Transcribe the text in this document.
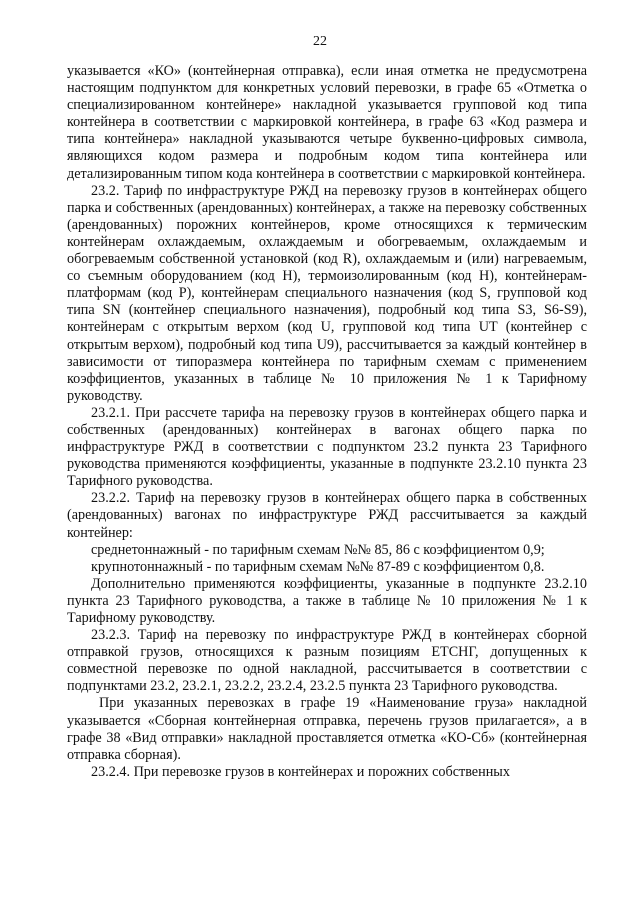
22

указывается «КО» (контейнерная отправка), если иная отметка не предусмотрена настоящим подпунктом для конкретных условий перевозки, в графе 65 «Отметка о специализированном контейнере» накладной указывается групповой код типа контейнера в соответствии с маркировкой контейнера, в графе 63 «Код размера и типа контейнера» накладной указываются четыре буквенно-цифровых символа, являющихся кодом размера и подробным кодом типа контейнера или детализированным типом кода контейнера в соответствии с маркировкой контейнера.

23.2. Тариф по инфраструктуре РЖД на перевозку грузов в контейнерах общего парка и собственных (арендованных) контейнерах, а также на перевозку собственных (арендованных) порожних контейнеров, кроме относящихся к термическим контейнерам охлаждаемым, охлаждаемым и обогреваемым, охлаждаемым и обогреваемым собственной установкой (код R), охлаждаемым и (или) нагреваемым, со съемным оборудованием (код H), термоизолированным (код H), контейнерам-платформам (код P), контейнерам специального назначения (код S, групповой код типа SN (контейнер специального назначения), подробный код типа S3, S6-S9), контейнерам с открытым верхом (код U, групповой код типа UT (контейнер с открытым верхом), подробный код типа U9), рассчитывается за каждый контейнер в зависимости от типоразмера контейнера по тарифным схемам с применением коэффициентов, указанных в таблице № 10 приложения № 1 к Тарифному руководству.

23.2.1. При рассчете тарифа на перевозку грузов в контейнерах общего парка и собственных (арендованных) контейнерах в вагонах общего парка по инфраструктуре РЖД в соответствии с подпунктом 23.2 пункта 23 Тарифного руководства применяются коэффициенты, указанные в подпункте 23.2.10 пункта 23 Тарифного руководства.

23.2.2. Тариф на перевозку грузов в контейнерах общего парка в собственных (арендованных) вагонах по инфраструктуре РЖД рассчитывается за каждый контейнер:

среднетоннажный - по тарифным схемам №№ 85, 86 с коэффициентом 0,9;

крупнотоннажный - по тарифным схемам №№ 87-89 с коэффициентом 0,8.

Дополнительно применяются коэффициенты, указанные в подпункте 23.2.10 пункта 23 Тарифного руководства, а также в таблице № 10 приложения № 1 к Тарифному руководству.

23.2.3. Тариф на перевозку по инфраструктуре РЖД в контейнерах сборной отправкой грузов, относящихся к разным позициям ЕТСНГ, допущенных к совместной перевозке по одной накладной, рассчитывается в соответствии с подпунктами 23.2, 23.2.1, 23.2.2, 23.2.4, 23.2.5 пункта 23 Тарифного руководства.

При указанных перевозках в графе 19 «Наименование груза» накладной указывается «Сборная контейнерная отправка, перечень грузов прилагается», а в графе 38 «Вид отправки» накладной проставляется отметка «КО-Сб» (контейнерная отправка сборная).

23.2.4. При перевозке грузов в контейнерах и порожних собственных
